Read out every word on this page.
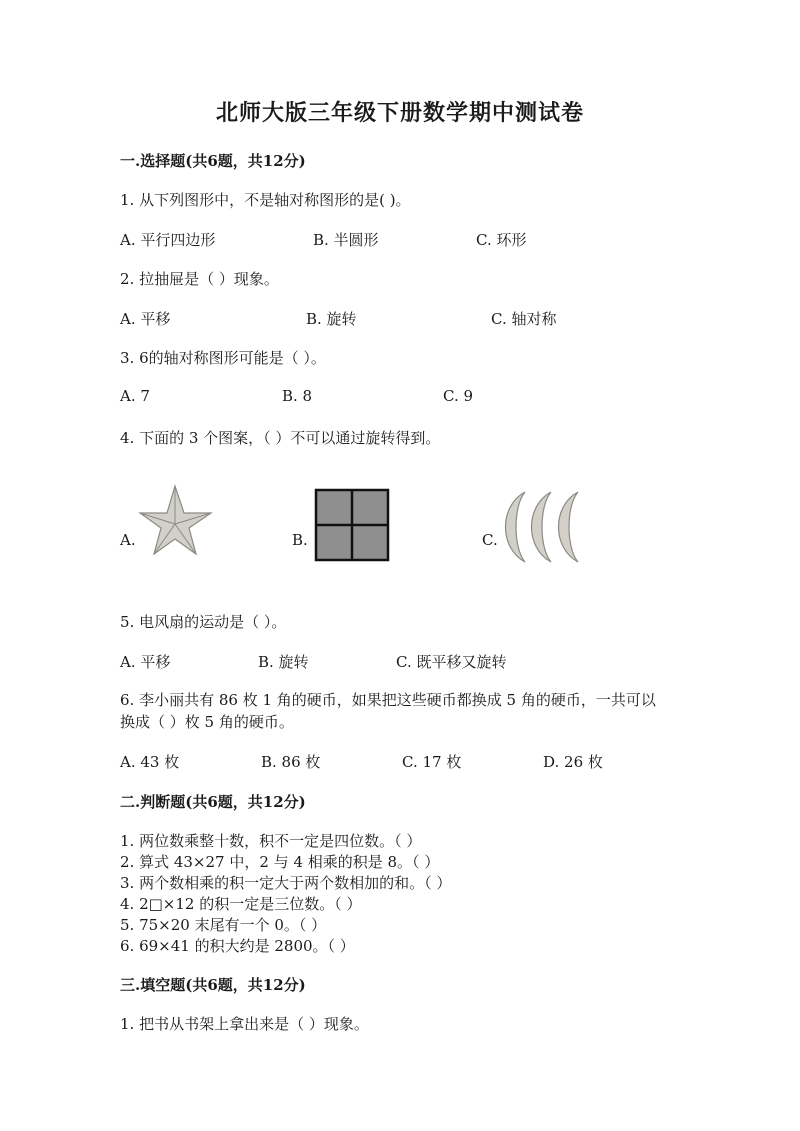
北师大版三年级下册数学期中测试卷
一.选择题(共6题，共12分)
1. 从下列图形中，不是轴对称图形的是( )。
A. 平行四边形	B. 半圆形	C. 环形
2. 拉抽屉是（ ）现象。
A. 平移	B. 旋转	C. 轴对称
3. 6的轴对称图形可能是（ ）。
A. 7	B. 8	C. 9
4. 下面的 3 个图案，（ ）不可以通过旋转得到。
A.	B.	C.
5. 电风扇的运动是（ ）。
A. 平移	B. 旋转	C. 既平移又旋转
6. 李小丽共有 86 枚 1 角的硬币，如果把这些硬币都换成 5 角的硬币，一共可以
换成（ ）枚 5 角的硬币。
A. 43 枚	B. 86 枚	C. 17 枚	D. 26 枚
二.判断题(共6题，共12分)
1. 两位数乘整十数，积不一定是四位数。（ ）
2. 算式 43×27 中，2 与 4 相乘的积是 8。（ ）
3. 两个数相乘的积一定大于两个数相加的和。（ ）
4. 2□×12 的积一定是三位数。（ ）
5. 75×20 末尾有一个 0。（ ）
6. 69×41 的积大约是 2800。（ ）
三.填空题(共6题，共12分)
1. 把书从书架上拿出来是（ ）现象。
